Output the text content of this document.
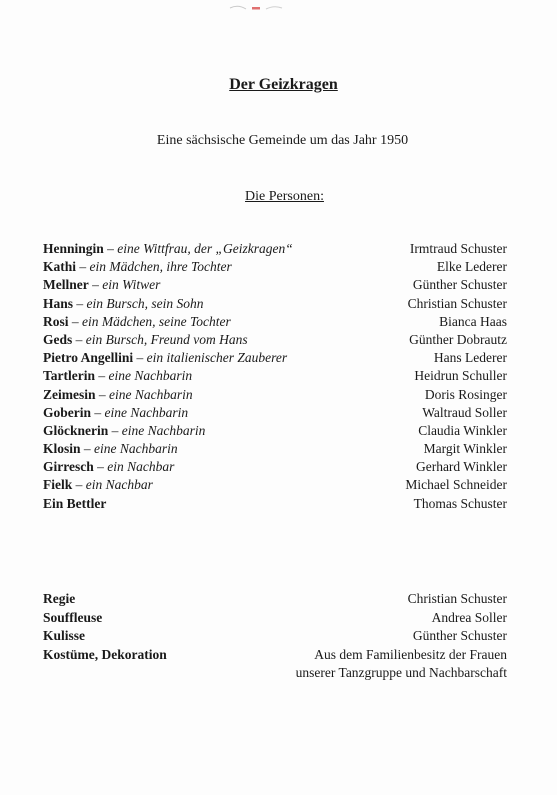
Der Geizkragen
Eine sächsische Gemeinde um das Jahr 1950
Die Personen:
Henningin – eine Wittfrau, der „Geizkragen“	Irmtraud Schuster
Kathi – ein Mädchen, ihre Tochter	Elke Lederer
Mellner – ein Witwer	Günther Schuster
Hans – ein Bursch, sein Sohn	Christian Schuster
Rosi – ein Mädchen, seine Tochter	Bianca Haas
Geds – ein Bursch, Freund vom Hans	Günther Dobrautz
Pietro Angellini – ein italienischer Zauberer	Hans Lederer
Tartlerin – eine Nachbarin	Heidrun Schuller
Zeimesin – eine Nachbarin	Doris Rosinger
Goberin – eine Nachbarin	Waltraud Soller
Glöcknerin – eine Nachbarin	Claudia Winkler
Klosin – eine Nachbarin	Margit Winkler
Girresch – ein Nachbar	Gerhard Winkler
Fielk – ein Nachbar	Michael Schneider
Ein Bettler	Thomas Schuster
Regie	Christian Schuster
Souffleuse	Andrea Soller
Kulisse	Günther Schuster
Kostüme, Dekoration	Aus dem Familienbesitz der Frauen
unserer Tanzgruppe und Nachbarschaft
